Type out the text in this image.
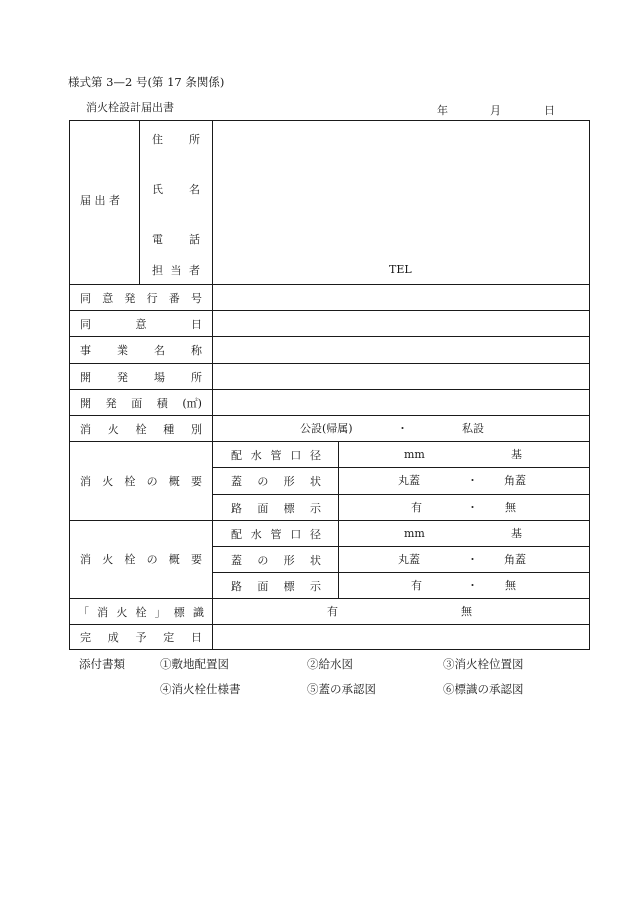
様式第 3—2 号(第 17 条関係)
消火栓設計届出書	年	月	日
届 出 者
住 所
氏 名
電 話
担 当 者	TEL
同 意 発 行 番 号
同	意	日
事 業 名 称
開 発 場 所
開 発 面 積 (㎡)
消 火 栓 種 別	公設(帰属)	・	私設
消 火 栓 の 概 要
配 水 管 口 径	mm	基
蓋 の 形 状	丸蓋	・ 角蓋
路 面 標 示	有	・ 無
消 火 栓 の 概 要
配 水 管 口 径	mm	基
蓋 の 形 状	丸蓋	・ 角蓋
路 面 標 示	有	・ 無
「 消 火 栓 」 標 識	有	無
完 成 予 定 日
添付書類	①敷地配置図	②給水図	③消火栓位置図
④消火栓仕様書	⑤蓋の承認図	⑥標識の承認図
